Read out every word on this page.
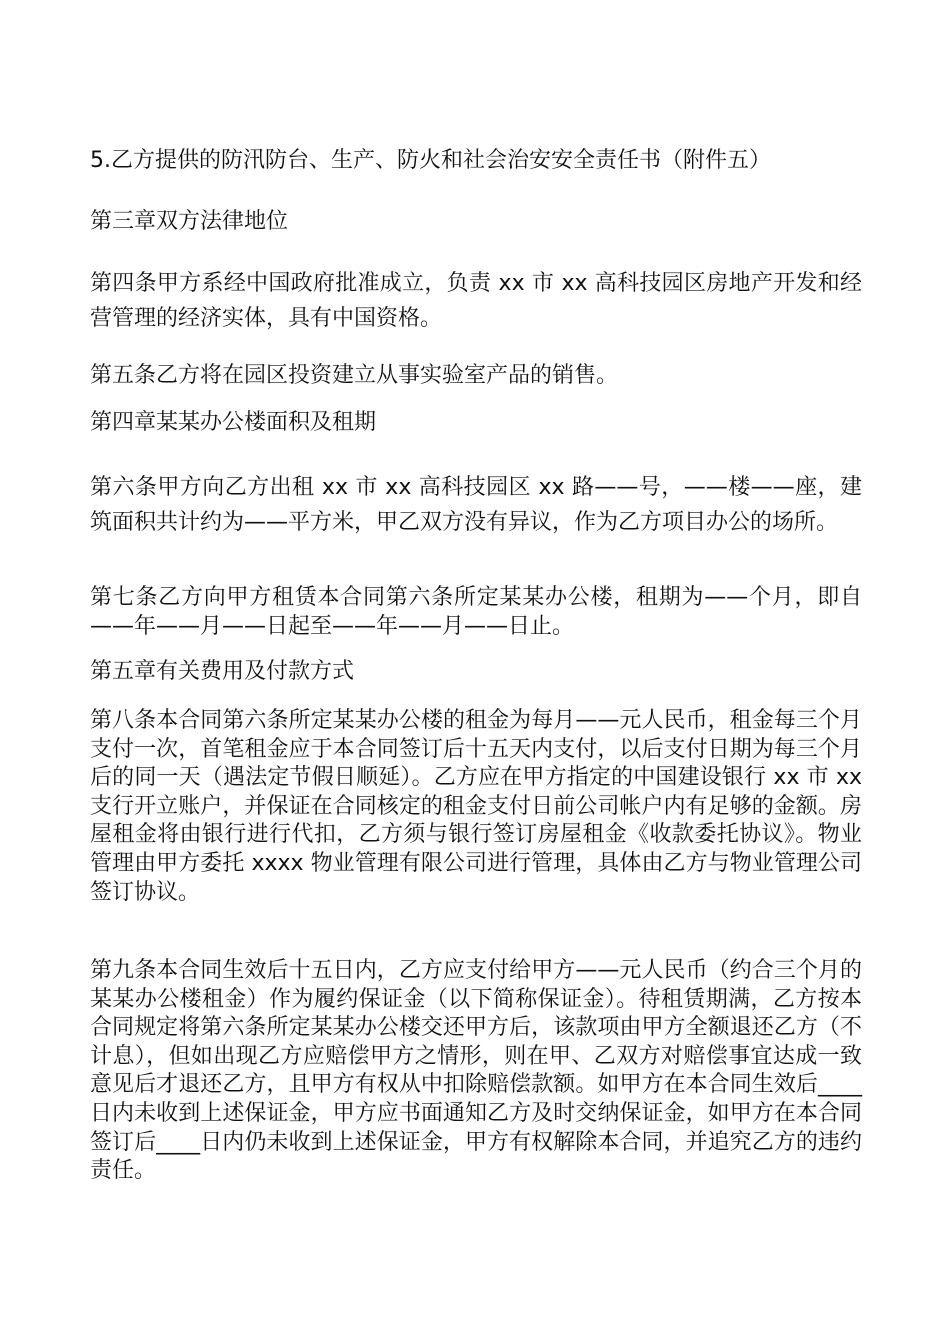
5.乙方提供的防汛防台、生产、防火和社会治安安全责任书（附件五）

第三章双方法律地位

第四条甲方系经中国政府批准成立，负责 xx 市 xx 高科技园区房地产开发和经营管理的经济实体，具有中国资格。

第五条乙方将在园区投资建立从事实验室产品的销售。

第四章某某办公楼面积及租期

第六条甲方向乙方出租 xx 市 xx 高科技园区 xx 路——号，——楼——座，建筑面积共计约为——平方米，甲乙双方没有异议，作为乙方项目办公的场所。

第七条乙方向甲方租赁本合同第六条所定某某办公楼，租期为——个月，即自——年——月——日起至——年——月——日止。

第五章有关费用及付款方式

第八条本合同第六条所定某某办公楼的租金为每月——元人民币，租金每三个月支付一次，首笔租金应于本合同签订后十五天内支付，以后支付日期为每三个月后的同一天（遇法定节假日顺延）。乙方应在甲方指定的中国建设银行 xx 市 xx 支行开立账户，并保证在合同核定的租金支付日前公司帐户内有足够的金额。房屋租金将由银行进行代扣，乙方须与银行签订房屋租金《收款委托协议》。物业管理由甲方委托 xxxx 物业管理有限公司进行管理，具体由乙方与物业管理公司签订协议。

第九条本合同生效后十五日内，乙方应支付给甲方——元人民币（约合三个月的某某办公楼租金）作为履约保证金（以下简称保证金）。待租赁期满，乙方按本合同规定将第六条所定某某办公楼交还甲方后，该款项由甲方全额退还乙方（不计息），但如出现乙方应赔偿甲方之情形，则在甲、乙双方对赔偿事宜达成一致意见后才退还乙方，且甲方有权从中扣除赔偿款额。如甲方在本合同生效后____日内未收到上述保证金，甲方应书面通知乙方及时交纳保证金，如甲方在本合同签订后____日内仍未收到上述保证金，甲方有权解除本合同，并追究乙方的违约责任。
